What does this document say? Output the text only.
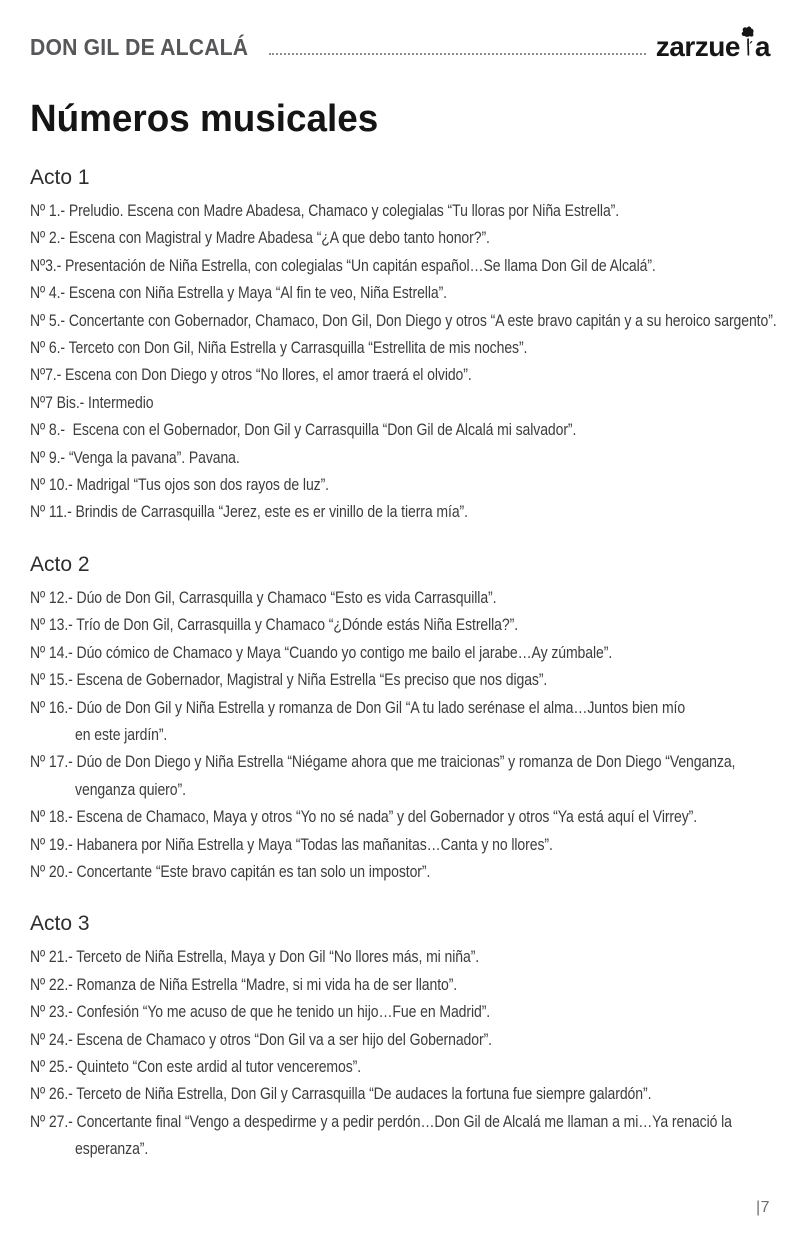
DON GIL DE ALCALÁ	zarzue a
Números musicales
Acto 1
Nº 1.- Preludio. Escena con Madre Abadesa, Chamaco y colegialas “Tu lloras por Niña Estrella”.
Nº 2.- Escena con Magistral y Madre Abadesa “¿A que debo tanto honor?”.
Nº3.- Presentación de Niña Estrella, con colegialas “Un capitán español…Se llama Don Gil de Alcalá”.
Nº 4.- Escena con Niña Estrella y Maya “Al fin te veo, Niña Estrella”.
Nº 5.- Concertante con Gobernador, Chamaco, Don Gil, Don Diego y otros “A este bravo capitán y a su heroico sargento”.
Nº 6.- Terceto con Don Gil, Niña Estrella y Carrasquilla “Estrellita de mis noches”.
Nº7.- Escena con Don Diego y otros “No llores, el amor traerá el olvido”.
Nº7 Bis.- Intermedio
Nº 8.-  Escena con el Gobernador, Don Gil y Carrasquilla “Don Gil de Alcalá mi salvador”.
Nº 9.- “Venga la pavana”. Pavana.
Nº 10.- Madrigal “Tus ojos son dos rayos de luz”.
Nº 11.- Brindis de Carrasquilla “Jerez, este es er vinillo de la tierra mía”.
Acto 2
Nº 12.- Dúo de Don Gil, Carrasquilla y Chamaco “Esto es vida Carrasquilla”.
Nº 13.- Trío de Don Gil, Carrasquilla y Chamaco “¿Dónde estás Niña Estrella?”.
Nº 14.- Dúo cómico de Chamaco y Maya “Cuando yo contigo me bailo el jarabe…Ay zúmbale”.
Nº 15.- Escena de Gobernador, Magistral y Niña Estrella “Es preciso que nos digas”.
Nº 16.- Dúo de Don Gil y Niña Estrella y romanza de Don Gil “A tu lado serénase el alma…Juntos bien mío
en este jardín”.
Nº 17.- Dúo de Don Diego y Niña Estrella “Niégame ahora que me traicionas” y romanza de Don Diego “Venganza,
venganza quiero”.
Nº 18.- Escena de Chamaco, Maya y otros “Yo no sé nada” y del Gobernador y otros “Ya está aquí el Virrey”.
Nº 19.- Habanera por Niña Estrella y Maya “Todas las mañanitas…Canta y no llores”.
Nº 20.- Concertante “Este bravo capitán es tan solo un impostor”.
Acto 3
Nº 21.- Terceto de Niña Estrella, Maya y Don Gil “No llores más, mi niña”.
Nº 22.- Romanza de Niña Estrella “Madre, si mi vida ha de ser llanto”.
Nº 23.- Confesión “Yo me acuso de que he tenido un hijo…Fue en Madrid”.
Nº 24.- Escena de Chamaco y otros “Don Gil va a ser hijo del Gobernador”.
Nº 25.- Quinteto “Con este ardid al tutor venceremos”.
Nº 26.- Terceto de Niña Estrella, Don Gil y Carrasquilla “De audaces la fortuna fue siempre galardón”.
Nº 27.- Concertante final “Vengo a despedirme y a pedir perdón…Don Gil de Alcalá me llaman a mi…Ya renació la
esperanza”.
|7
